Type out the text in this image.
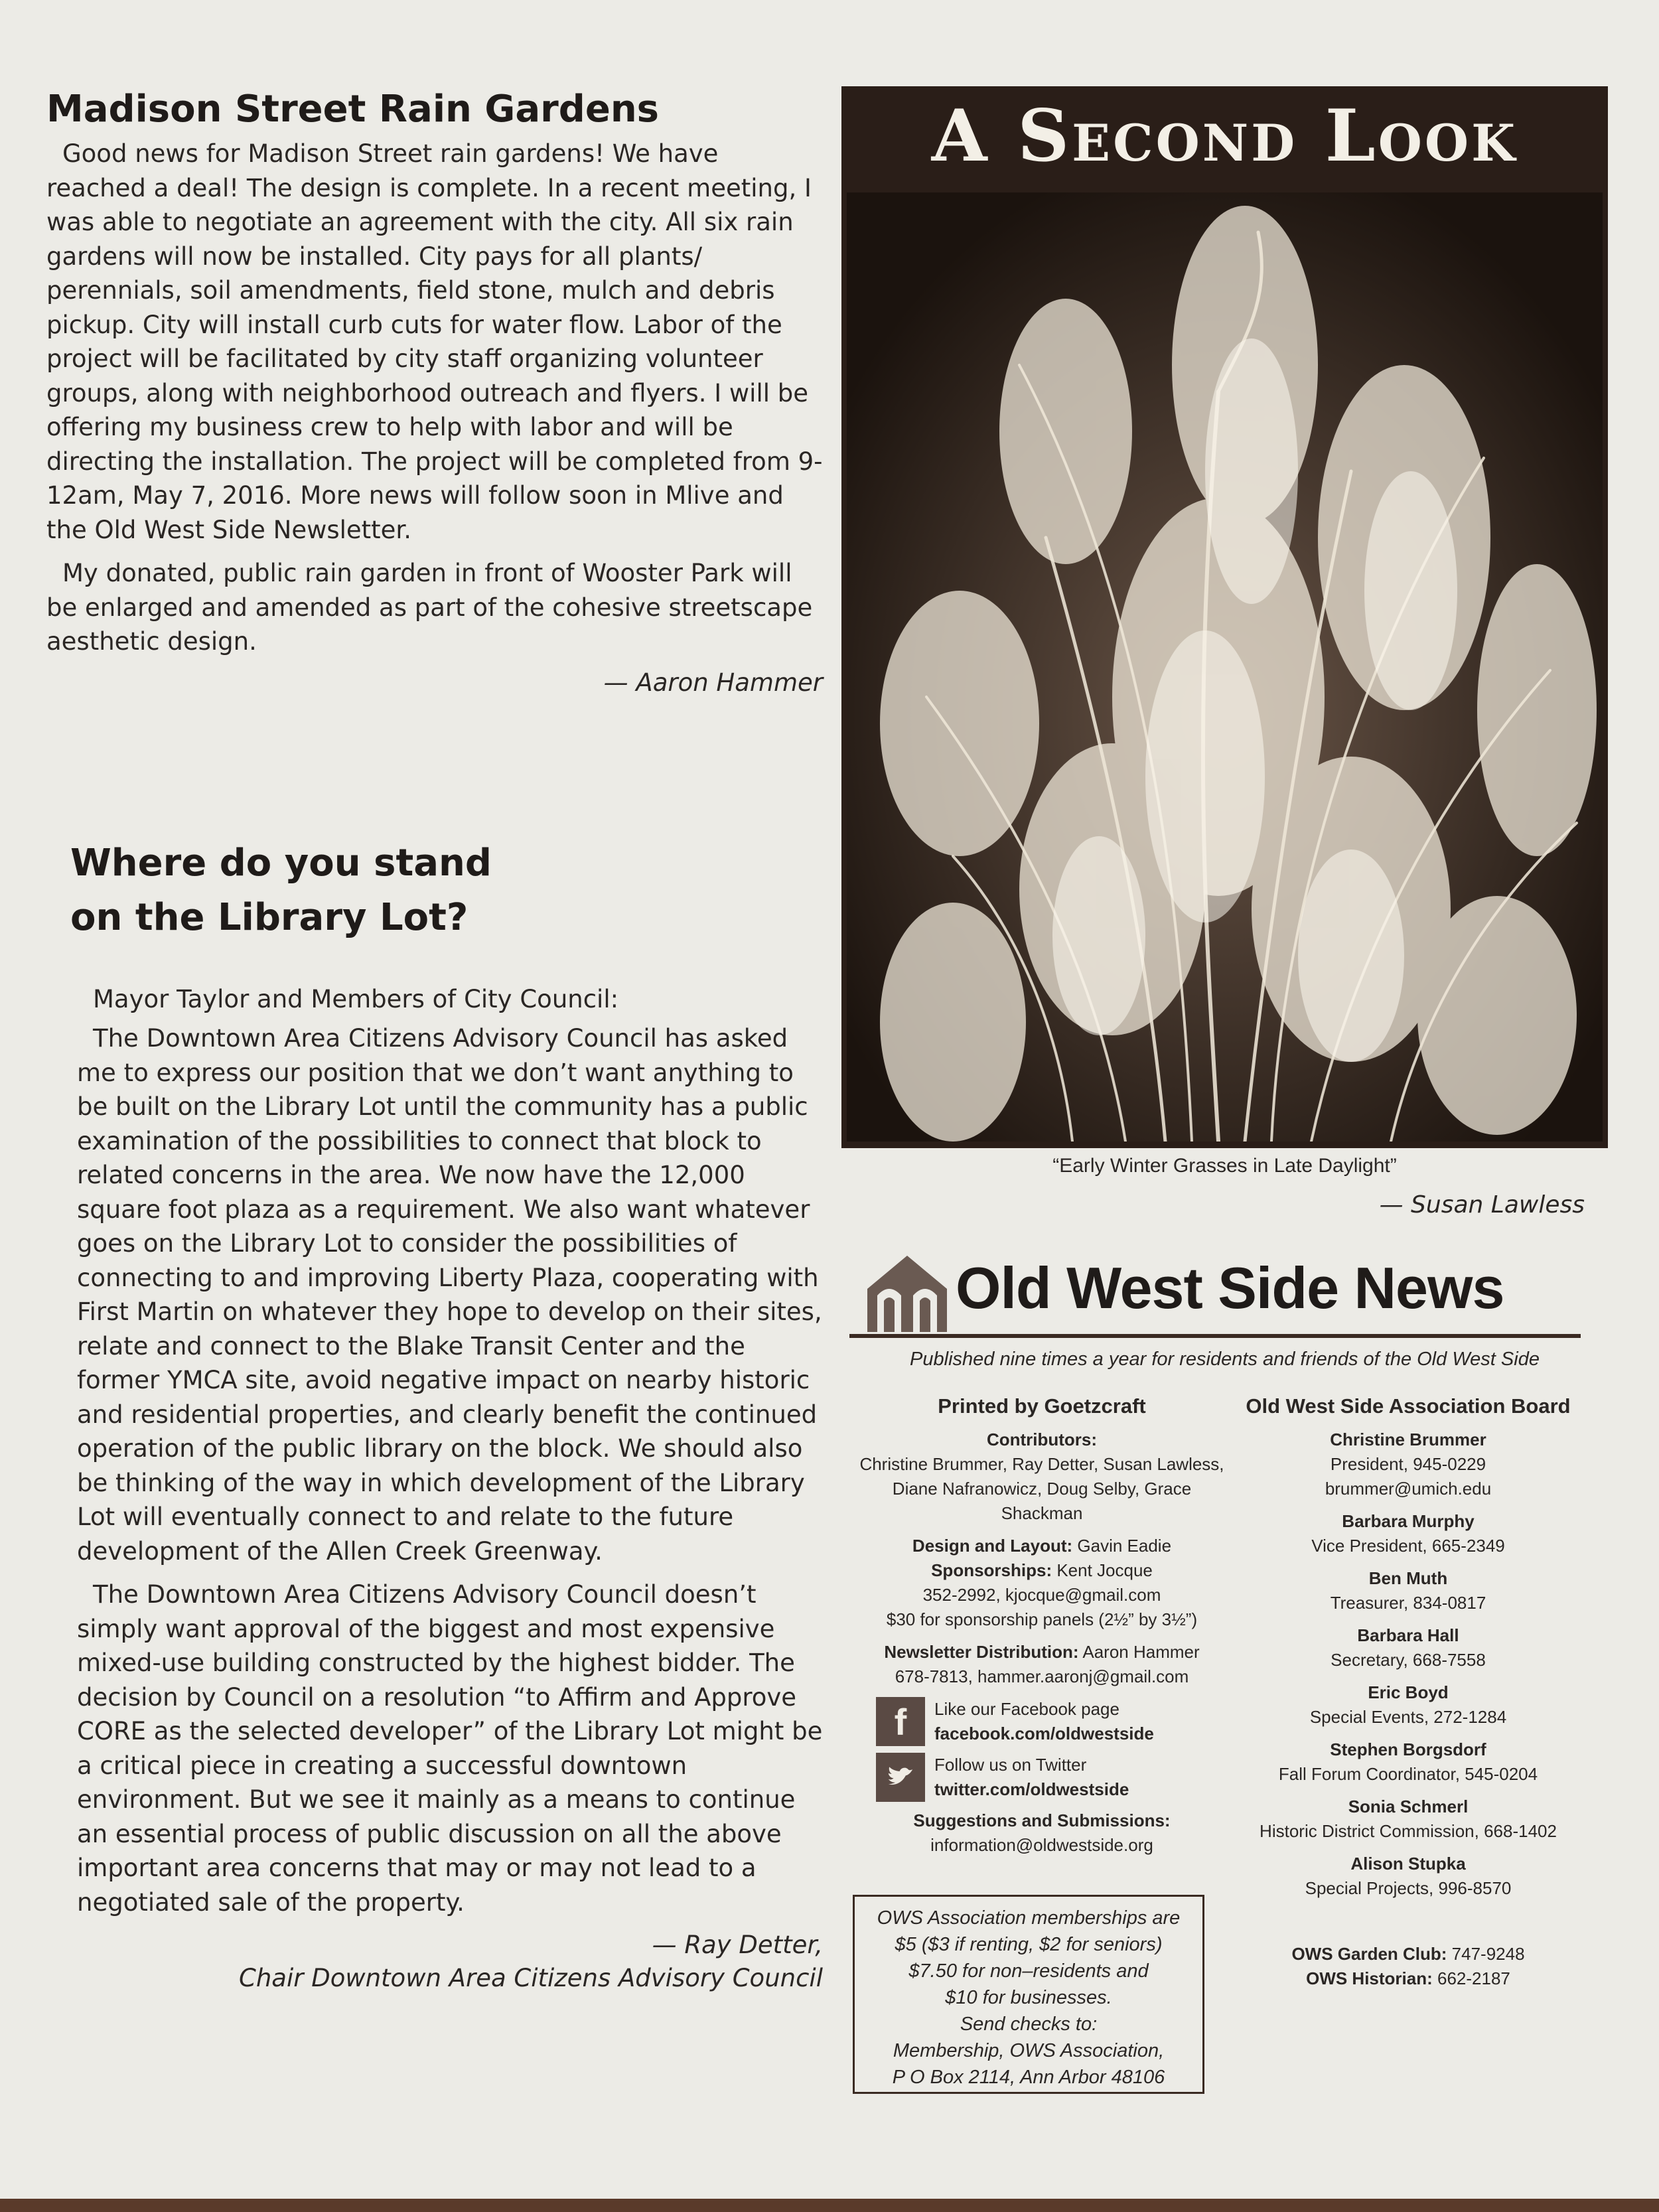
Madison Street Rain Gardens

Good news for Madison Street rain gardens! We have reached a deal! The design is complete. In a recent meeting, I was able to negotiate an agreement with the city. All six rain gardens will now be installed. City pays for all plants/ perennials, soil amendments, field stone, mulch and debris pickup. City will install curb cuts for water flow. Labor of the project will be facilitated by city staff organizing volunteer groups, along with neighborhood outreach and flyers. I will be offering my business crew to help with labor and will be directing the installation. The project will be completed from 9-12am, May 7, 2016. More news will follow soon in Mlive and the Old West Side Newsletter.

My donated, public rain garden in front of Wooster Park will be enlarged and amended as part of the cohesive streetscape aesthetic design.

— Aaron Hammer
Where do you stand
on the Library Lot?

Mayor Taylor and Members of City Council:

The Downtown Area Citizens Advisory Council has asked me to express our position that we don’t want anything to be built on the Library Lot until the community has a public examination of the possibilities to connect that block to related concerns in the area. We now have the 12,000 square foot plaza as a requirement. We also want whatever goes on the Library Lot to consider the possibilities of connecting to and improving Liberty Plaza, cooperating with First Martin on whatever they hope to develop on their sites, relate and connect to the Blake Transit Center and the former YMCA site, avoid negative impact on nearby historic and residential properties, and clearly benefit the continued operation of the public library on the block. We should also be thinking of the way in which development of the Library Lot will eventually connect to and relate to the future development of the Allen Creek Greenway.

The Downtown Area Citizens Advisory Council doesn’t simply want approval of the biggest and most expensive mixed-use building constructed by the highest bidder. The decision by Council on a resolution “to Affirm and Approve CORE as the selected developer” of the Library Lot might be a critical piece in creating a successful downtown environment. But we see it mainly as a means to continue an essential process of public discussion on all the above important area concerns that may or may not lead to a negotiated sale of the property.

— Ray Detter,
Chair Downtown Area Citizens Advisory Council
A Second Look
“Early Winter Grasses in Late Daylight”
— Susan Lawless
Old West Side News
Published nine times a year for residents and friends of the Old West Side
Printed by Goetzcraft
Contributors:
Christine Brummer, Ray Detter, Susan Lawless,
Diane Nafranowicz, Doug Selby, Grace Shackman
Design and Layout: Gavin Eadie
Sponsorships: Kent Jocque
352-2992, kjocque@gmail.com
$30 for sponsorship panels (2½” by 3½”)
Newsletter Distribution: Aaron Hammer
678-7813, hammer.aaronj@gmail.com
f	Like our Facebook page
facebook.com/oldwestside
Follow us on Twitter
twitter.com/oldwestside
Suggestions and Submissions:
information@oldwestside.org
OWS Association memberships are
$5 ($3 if renting, $2 for seniors)
$7.50 for non–residents and
$10 for businesses.
Send checks to:
Membership, OWS Association,
P O Box 2114, Ann Arbor 48106
Old West Side Association Board
Christine Brummer
President, 945-0229
brummer@umich.edu
Barbara Murphy
Vice President, 665-2349
Ben Muth
Treasurer, 834-0817
Barbara Hall
Secretary, 668-7558
Eric Boyd
Special Events, 272-1284
Stephen Borgsdorf
Fall Forum Coordinator, 545-0204
Sonia Schmerl
Historic District Commission, 668-1402
Alison Stupka
Special Projects, 996-8570
OWS Garden Club: 747-9248
OWS Historian: 662-2187
